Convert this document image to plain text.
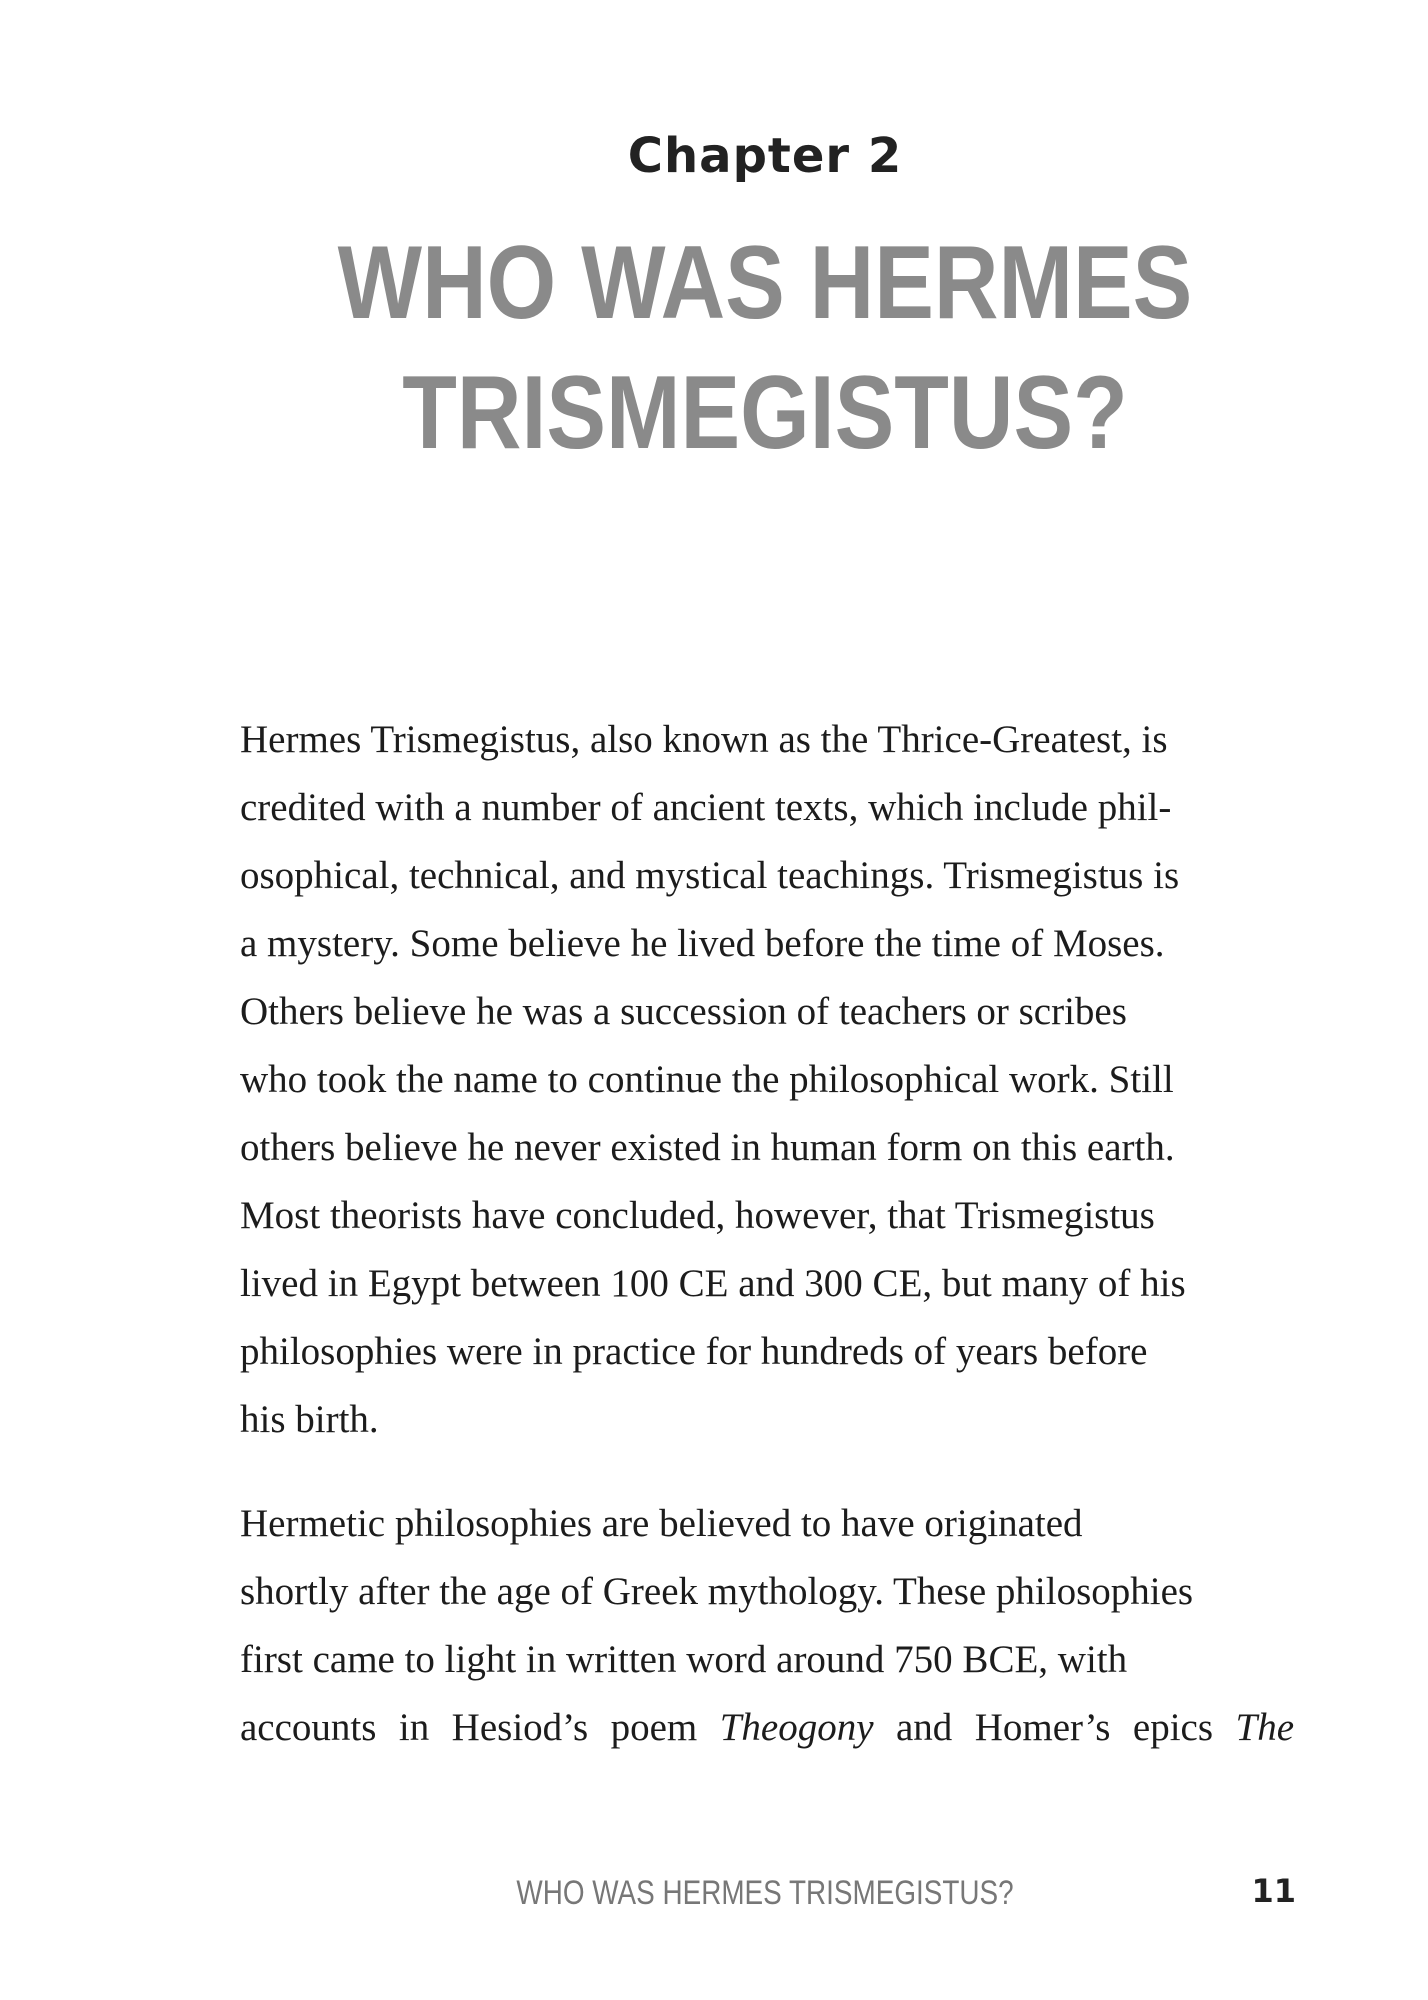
Chapter 2
WHO WAS HERMES
TRISMEGISTUS?

Hermes Trismegistus, also known as the Thrice-Greatest, is
credited with a number of ancient texts, which include phil-
osophical, technical, and mystical teachings. Trismegistus is
a mystery. Some believe he lived before the time of Moses.
Others believe he was a succession of teachers or scribes
who took the name to continue the philosophical work. Still
others believe he never existed in human form on this earth.
Most theorists have concluded, however, that Trismegistus
lived in Egypt between 100 CE and 300 CE, but many of his
philosophies were in practice for hundreds of years before
his birth.

Hermetic philosophies are believed to have originated
shortly after the age of Greek mythology. These philosophies
first came to light in written word around 750 BCE, with
accounts in Hesiod’s poem Theogony and Homer’s epics The

WHO WAS HERMES TRISMEGISTUS?	11
